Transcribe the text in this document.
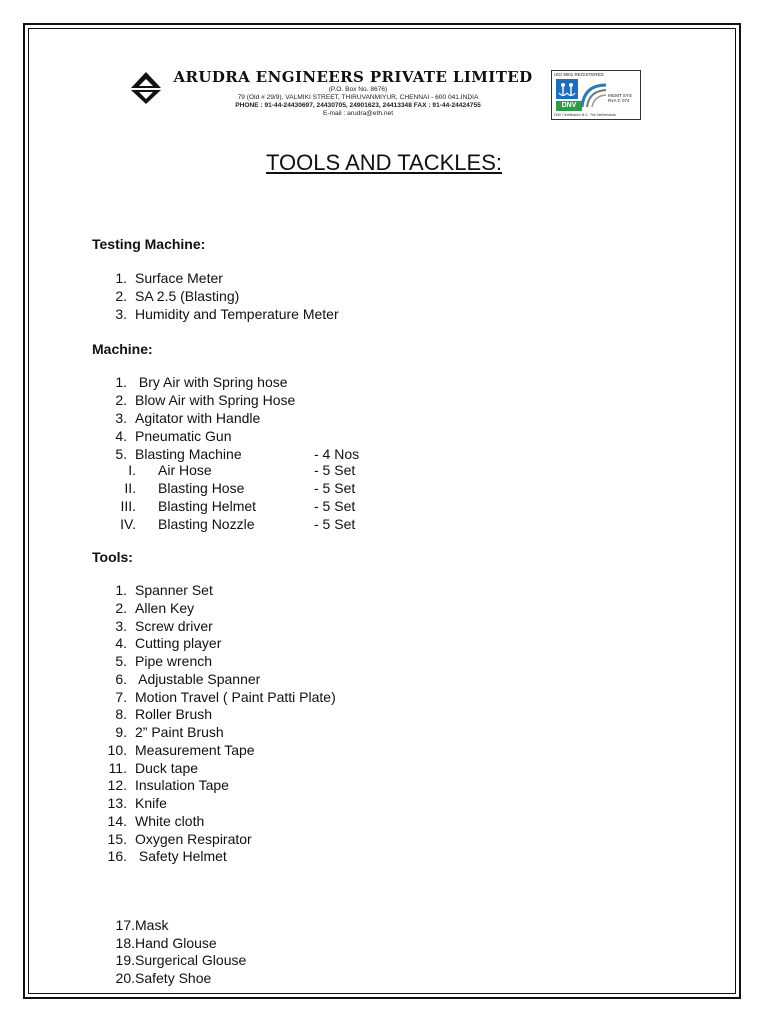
ARUDRA ENGINEERS PRIVATE LIMITED
(P.O. Box No. 8676)
79 (Old # 29/9), VALMIKI STREET, THIRUVANMIYUR, CHENNAI - 600 041.INDIA
PHONE : 91-44-24430697, 24430705, 24901623, 24413348 FAX : 91-44-24424755
E-mail : arudra@eth.net
ISO 9001 REGISTERED
DNV
MGMT SYS RvA C 074
DNV Certification B.V., The Netherlands
TOOLS AND TACKLES:
Testing Machine:
1. Surface Meter
2. SA 2.5 (Blasting)
3. Humidity and Temperature Meter
Machine:
1. Bry Air with Spring hose
2. Blow Air with Spring Hose
3. Agitator with Handle
4. Pneumatic Gun
5. Blasting Machine	- 4 Nos
I. Air Hose	- 5 Set
II. Blasting Hose	- 5 Set
III. Blasting Helmet	- 5 Set
IV. Blasting Nozzle	- 5 Set
Tools:
1. Spanner Set
2. Allen Key
3. Screw driver
4. Cutting player
5. Pipe wrench
6. Adjustable Spanner
7. Motion Travel ( Paint Patti Plate)
8. Roller Brush
9. 2” Paint Brush
10. Measurement Tape
11. Duck tape
12. Insulation Tape
13. Knife
14. White cloth
15. Oxygen Respirator
16. Safety Helmet
17. Mask
18. Hand Glouse
19. Surgerical Glouse
20. Safety Shoe
